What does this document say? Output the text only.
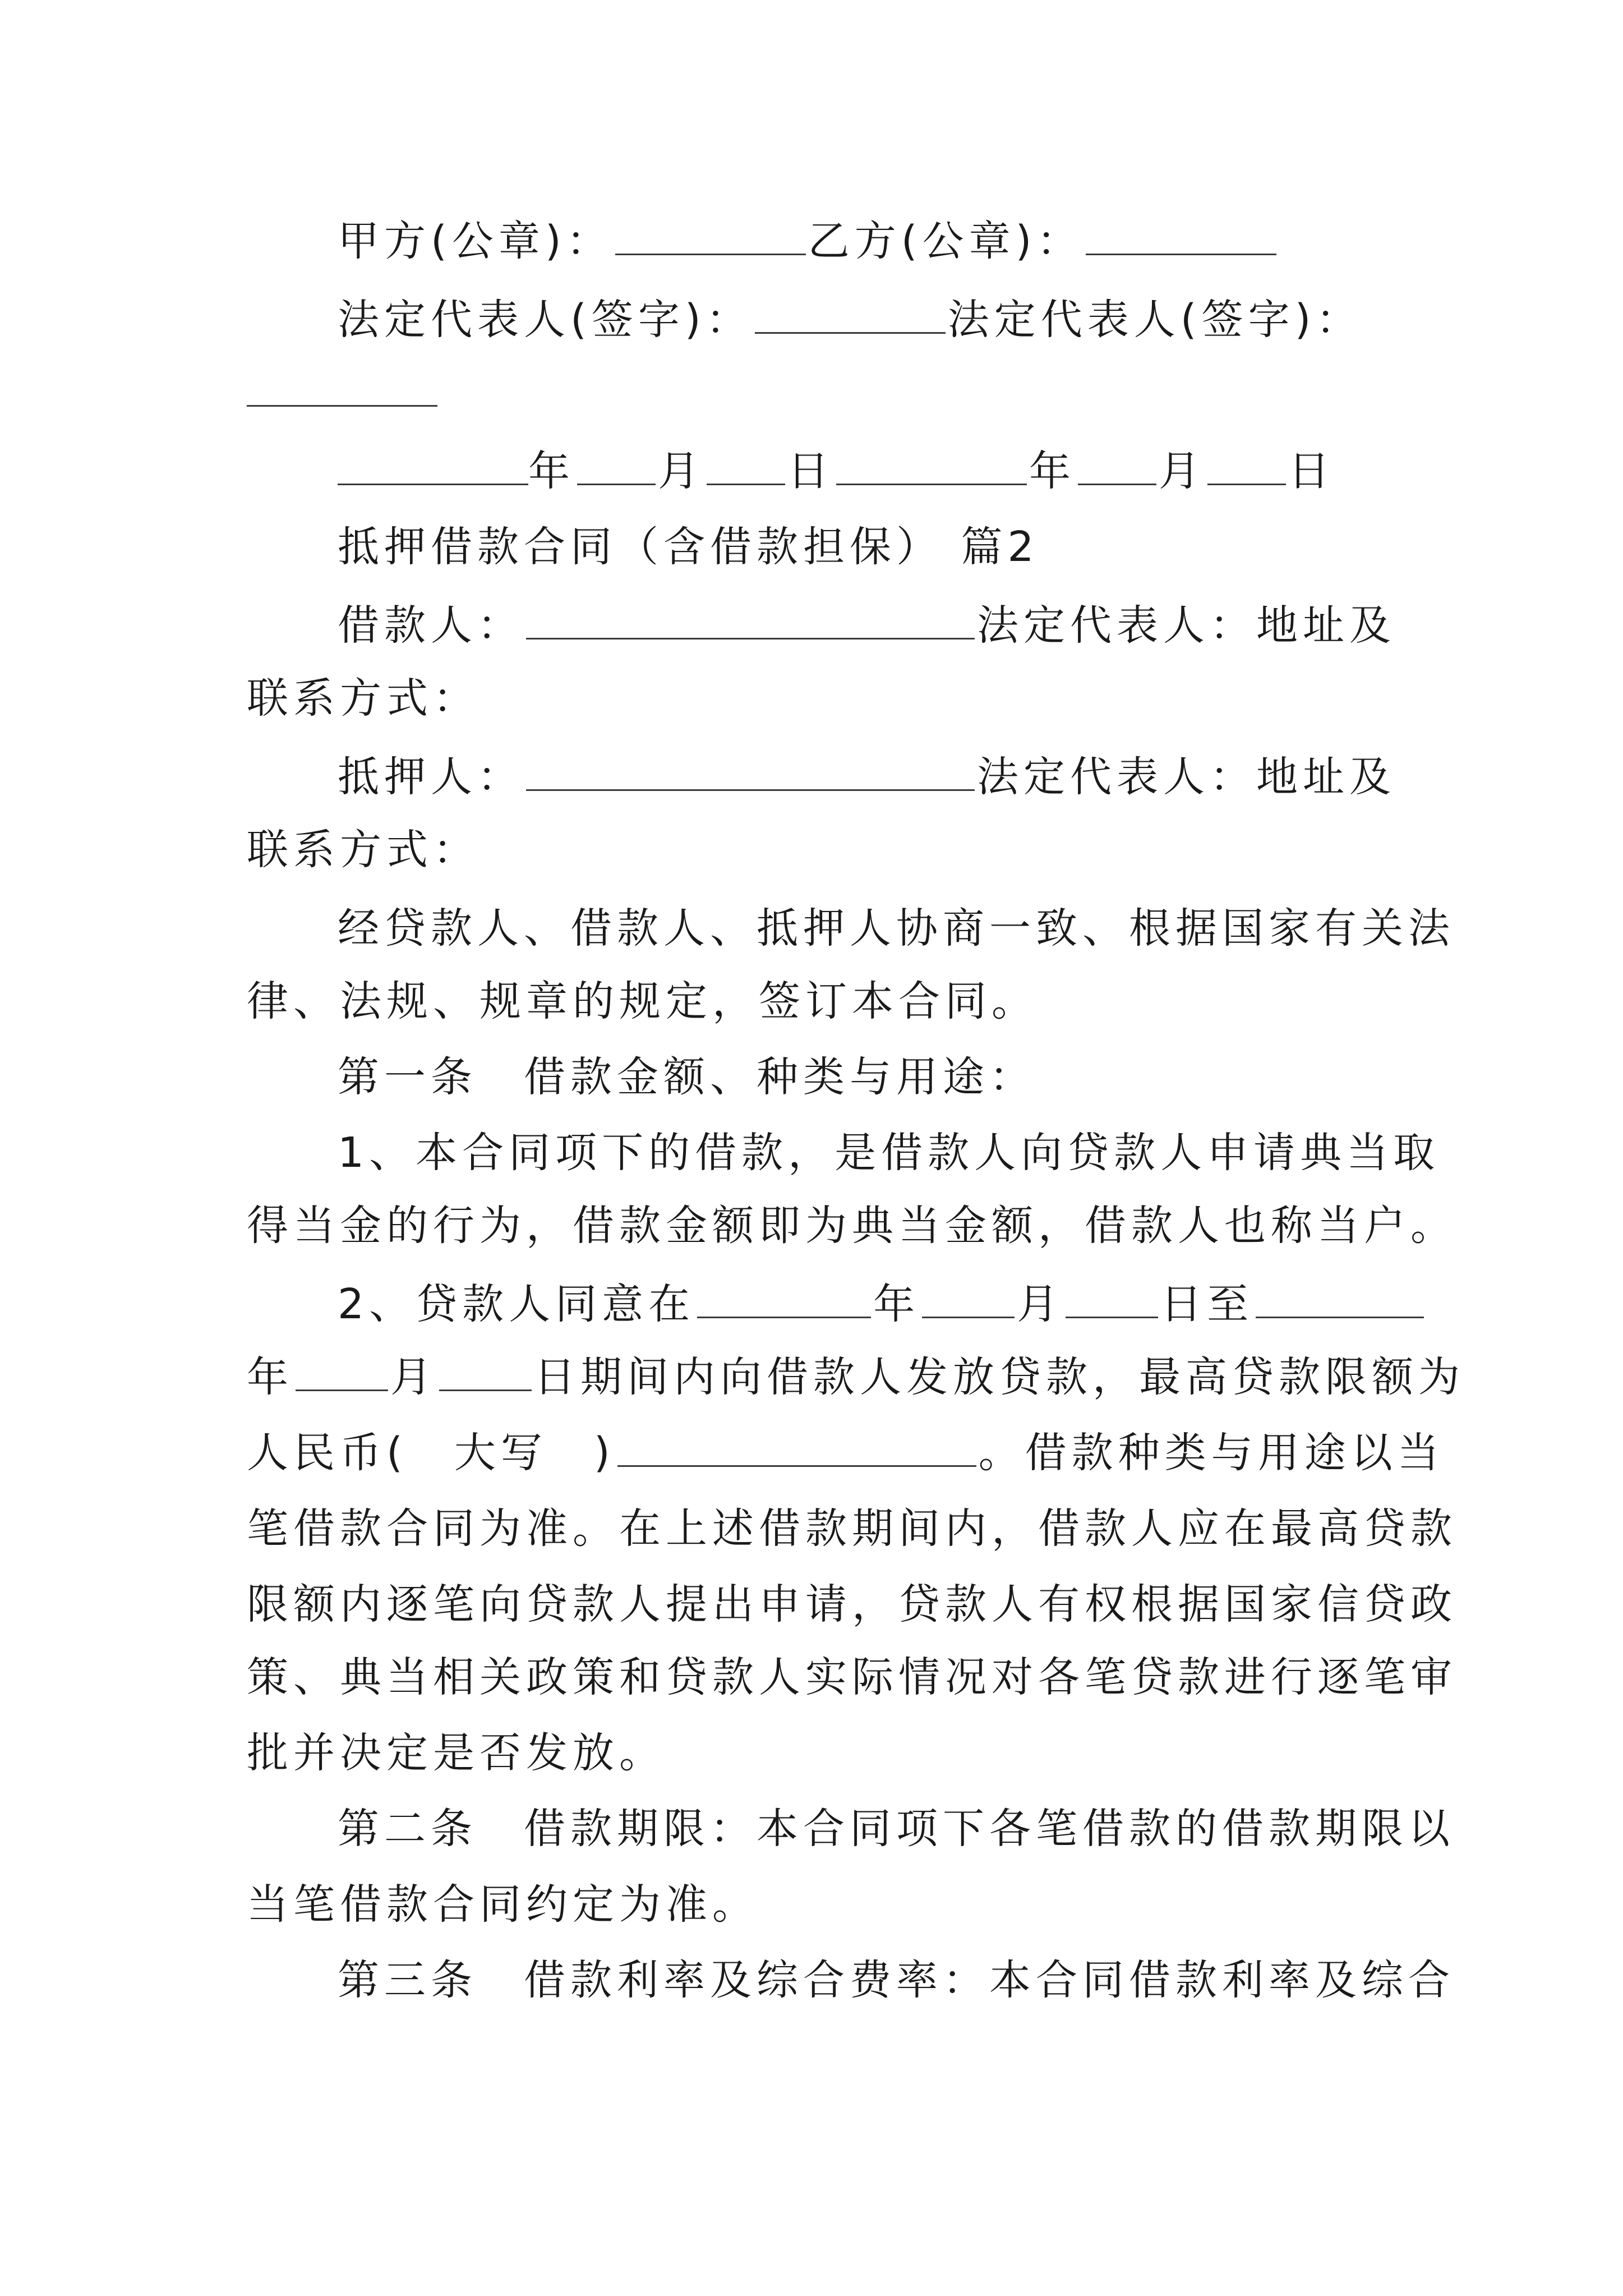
甲方(公章)：	乙方(公章)：
法定代表人(签字)：	法定代表人(签字)：
年 月 日	年 月 日
抵押借款合同（含借款担保） 篇2
借款人：	法定代表人：地址及
联系方式：
抵押人：	法定代表人：地址及
联系方式：
经贷款人、借款人、抵押人协商一致、根据国家有关法
律、法规、规章的规定，签订本合同。
第一条　借款金额、种类与用途：
1、本合同项下的借款，是借款人向贷款人申请典当取
得当金的行为，借款金额即为典当金额，借款人也称当户。
2、贷款人同意在	年 月 日至
年 月 日期间内向借款人发放贷款，最高贷款限额为
人民币(　大写　)	。借款种类与用途以当
笔借款合同为准。在上述借款期间内，借款人应在最高贷款
限额内逐笔向贷款人提出申请，贷款人有权根据国家信贷政
策、典当相关政策和贷款人实际情况对各笔贷款进行逐笔审
批并决定是否发放。
第二条　借款期限：本合同项下各笔借款的借款期限以
当笔借款合同约定为准。
第三条　借款利率及综合费率：本合同借款利率及综合
